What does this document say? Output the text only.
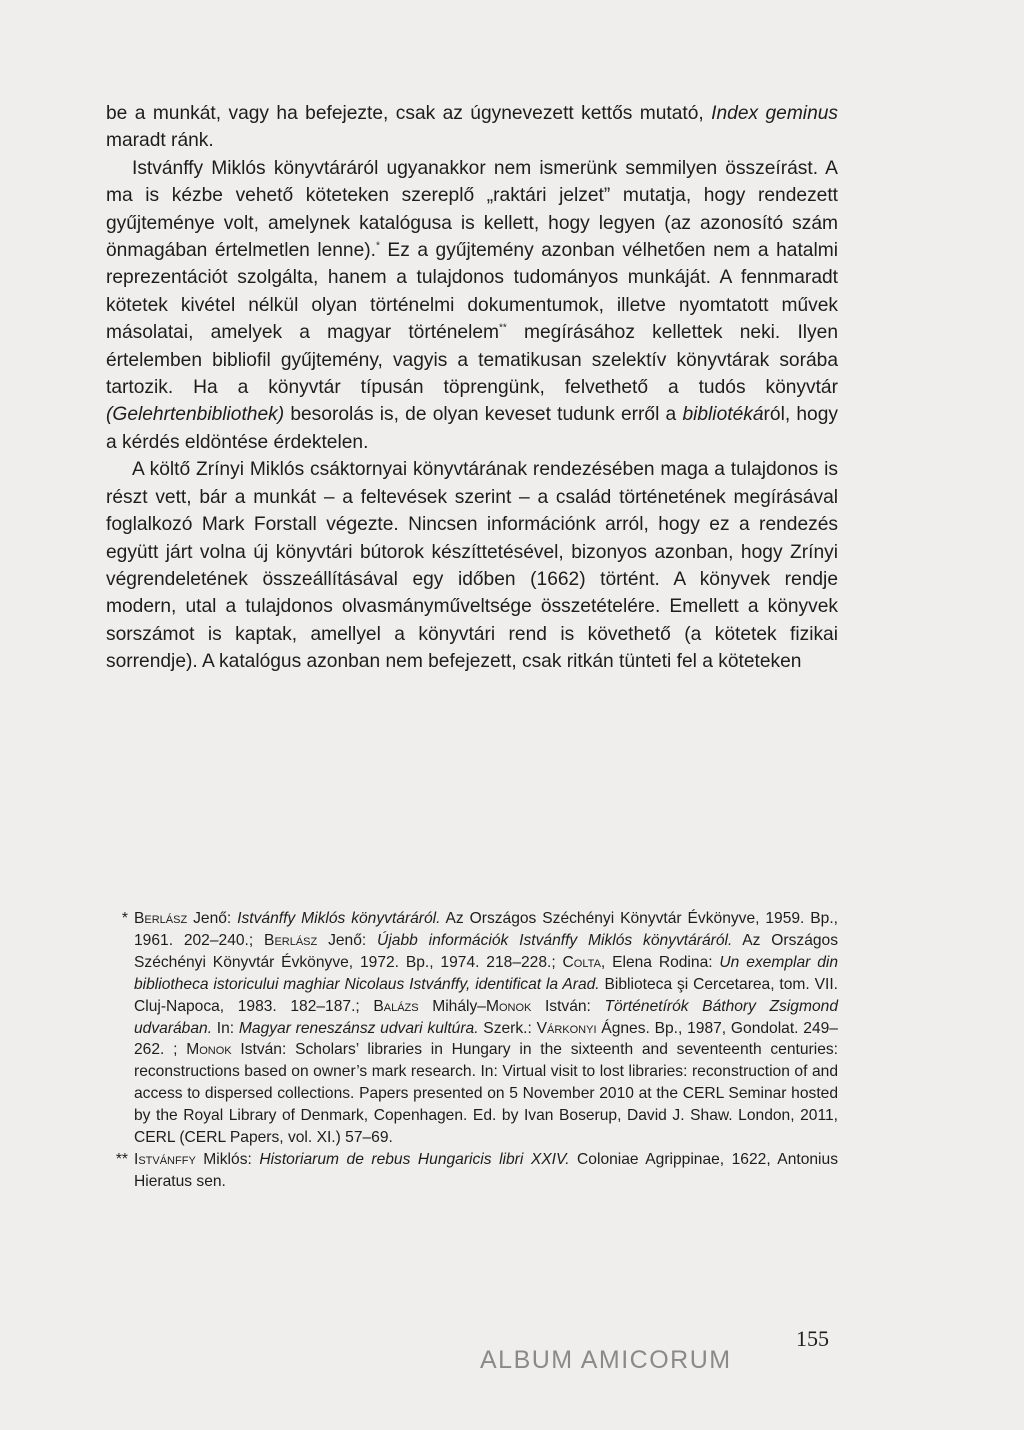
be a munkát, vagy ha befejezte, csak az úgynevezett kettős mutató, Index geminus maradt ránk.

Istvánffy Miklós könyvtáráról ugyanakkor nem ismerünk semmilyen összeírást. A ma is kézbe vehető köteteken szereplő „raktári jelzet” mutatja, hogy rendezett gyűjteménye volt, amelynek katalógusa is kellett, hogy legyen (az azonosító szám önmagában értelmetlen lenne).* Ez a gyűjtemény azonban vélhetően nem a hatalmi reprezentációt szolgálta, hanem a tulajdonos tudományos munkáját. A fennmaradt kötetek kivétel nélkül olyan történelmi dokumentumok, illetve nyomtatott művek másolatai, amelyek a magyar történelem** megírásához kellettek neki. Ilyen értelemben bibliofil gyűjtemény, vagyis a tematikusan szelektív könyvtárak sorába tartozik. Ha a könyvtár típusán töprengünk, felvethető a tudós könyvtár (Gelehrtenbibliothek) besorolás is, de olyan keveset tudunk erről a bibliotékáról, hogy a kérdés eldöntése érdektelen.

A költő Zrínyi Miklós csáktornyai könyvtárának rendezésében maga a tulajdonos is részt vett, bár a munkát – a feltevések szerint – a család történetének megírásával foglalkozó Mark Forstall végezte. Nincsen információnk arról, hogy ez a rendezés együtt járt volna új könyvtári bútorok készíttetésével, bizonyos azonban, hogy Zrínyi végrendeletének összeállításával egy időben (1662) történt. A könyvek rendje modern, utal a tulajdonos olvasmányműveltsége összetételére. Emellett a könyvek sorszámot is kaptak, amellyel a könyvtári rend is követhető (a kötetek fizikai sorrendje). A katalógus azonban nem befejezett, csak ritkán tünteti fel a köteteken

* Berlász Jenő: Istvánffy Miklós könyvtáráról. Az Országos Széchényi Könyvtár Évkönyve, 1959. Bp., 1961. 202–240.; Berlász Jenő: Újabb információk Istvánffy Miklós könyvtáráról. Az Országos Széchényi Könyvtár Évkönyve, 1972. Bp., 1974. 218–228.; Colta, Elena Rodina: Un exemplar din bibliotheca istoricului maghiar Nicolaus Istvánffy, identificat la Arad. Biblioteca şi Cercetarea, tom. VII. Cluj-Napoca, 1983. 182–187.; Balázs Mihály–Monok István: Történetírók Báthory Zsigmond udvarában. In: Magyar reneszánsz udvari kultúra. Szerk.: Várkonyi Ágnes. Bp., 1987, Gondolat. 249–262. ; Monok István: Scholars’ libraries in Hungary in the sixteenth and seventeenth centuries: reconstructions based on owner’s mark research. In: Virtual visit to lost libraries: reconstruction of and access to dispersed collections. Papers presented on 5 November 2010 at the CERL Seminar hosted by the Royal Library of Denmark, Copenhagen. Ed. by Ivan Boserup, David J. Shaw. London, 2011, CERL (CERL Papers, vol. XI.) 57–69.
** Istvánffy Miklós: Historiarum de rebus Hungaricis libri XXIV. Coloniae Agrippinae, 1622, Antonius Hieratus sen.
155
ALBUM AMICORUM
